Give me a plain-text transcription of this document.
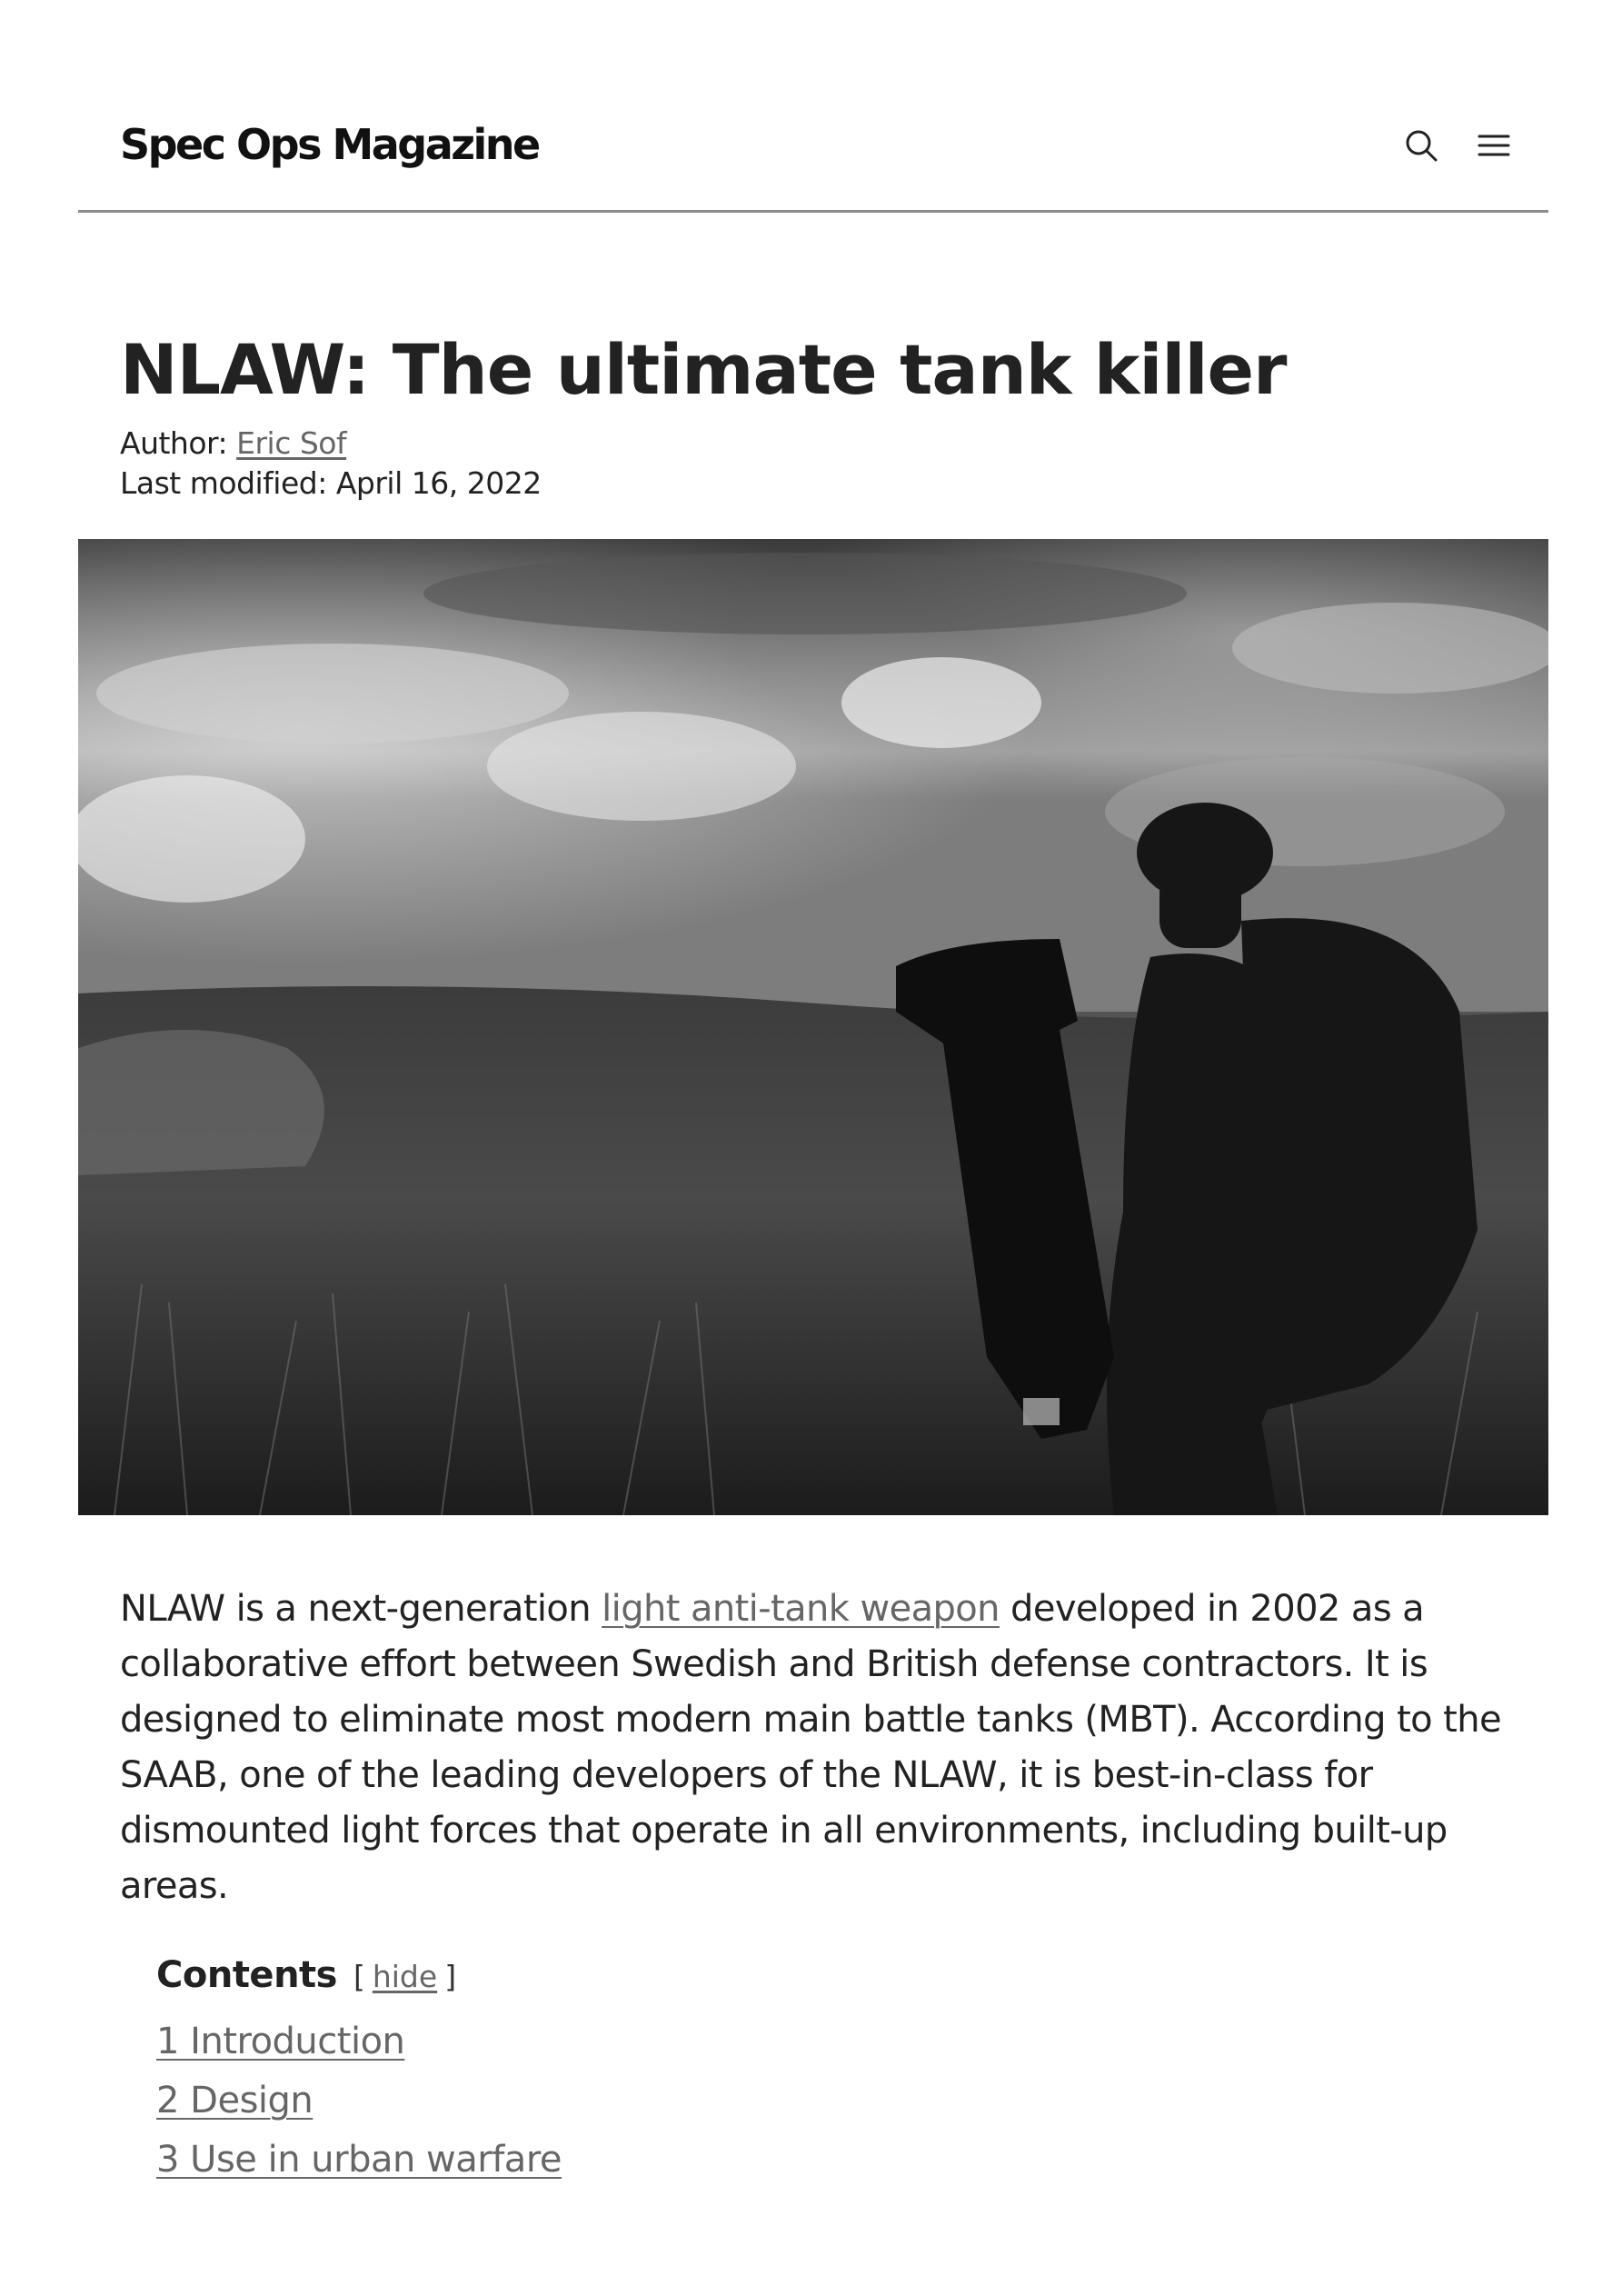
Spec Ops Magazine
NLAW: The ultimate tank killer
Author: Eric Sof
Last modified: April 16, 2022

NLAW is a next-generation light anti-tank weapon developed in 2002 as a collaborative effort between Swedish and British defense contractors. It is designed to eliminate most modern main battle tanks (MBT). According to the SAAB, one of the leading developers of the NLAW, it is best-in-class for dismounted light forces that operate in all environments, including built-up areas.

Contents [ hide ]
1 Introduction
2 Design
3 Use in urban warfare
